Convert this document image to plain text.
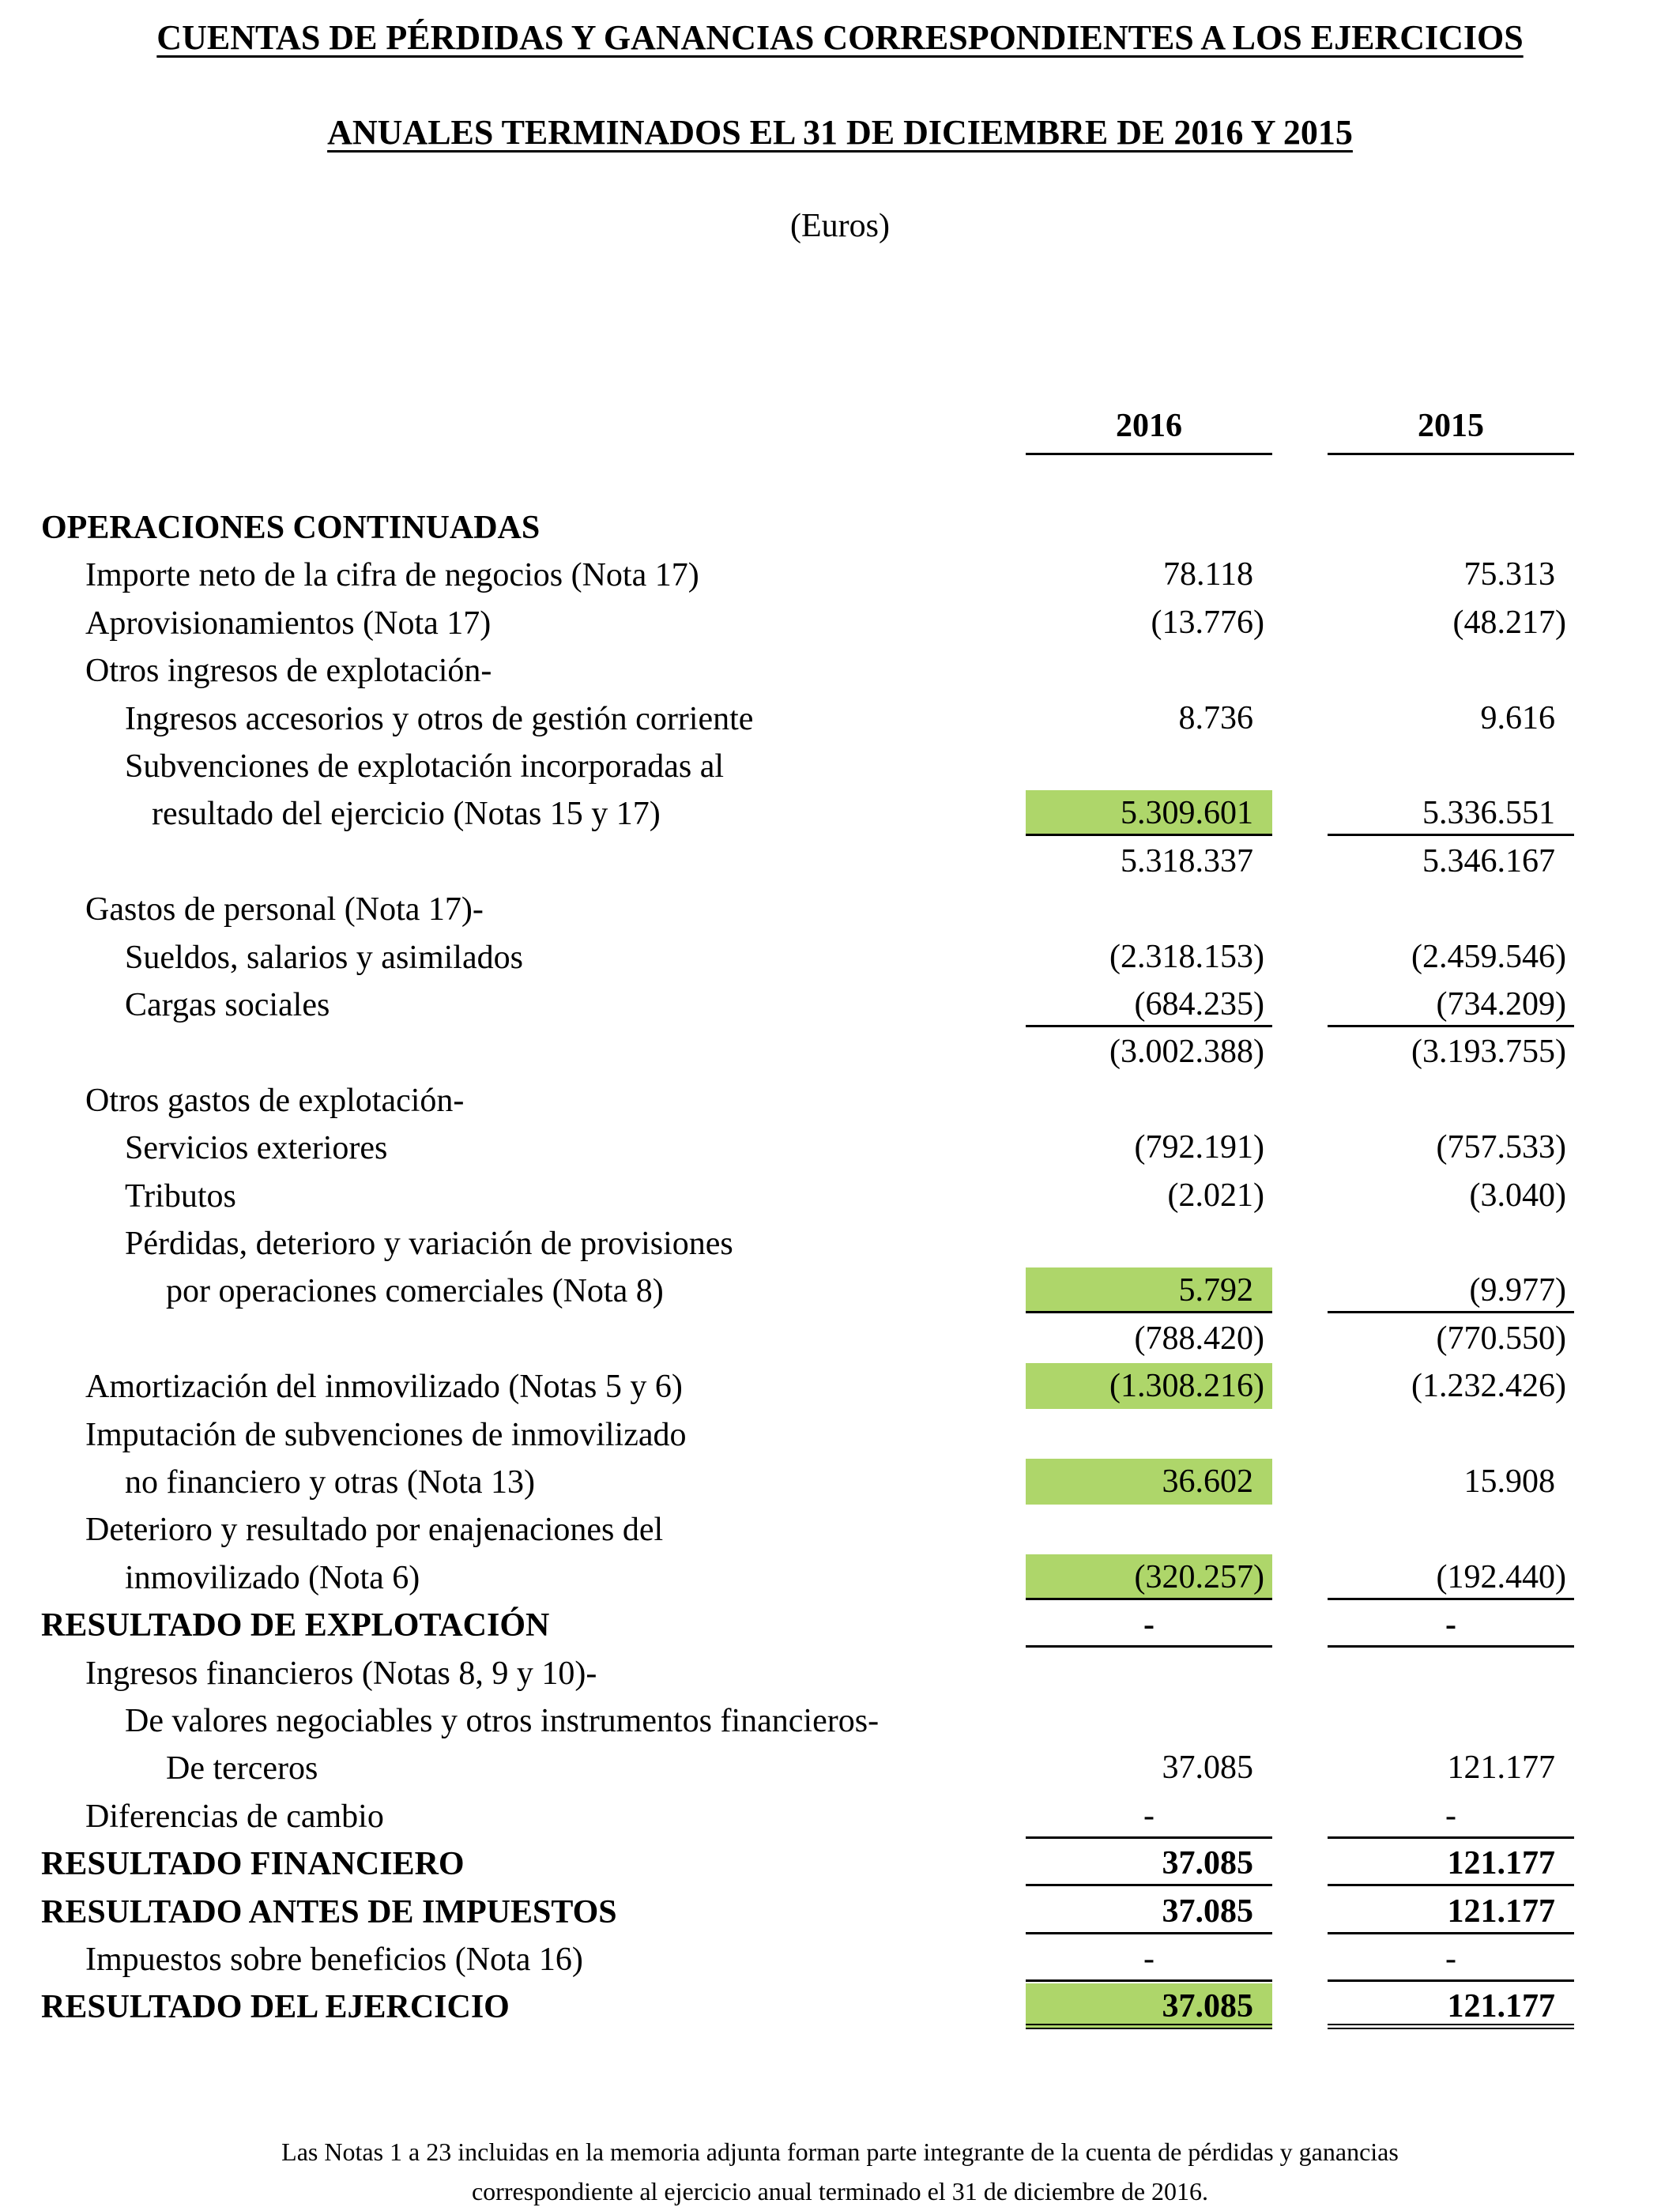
CUENTAS DE PÉRDIDAS Y GANANCIAS CORRESPONDIENTES A LOS EJERCICIOS
ANUALES TERMINADOS EL 31 DE DICIEMBRE DE 2016 Y 2015
(Euros)
2016	2015
OPERACIONES CONTINUADAS
Importe neto de la cifra de negocios (Nota 17)	78.118	75.313
Aprovisionamientos (Nota 17)	(13.776)	(48.217)
Otros ingresos de explotación-
Ingresos accesorios y otros de gestión corriente	8.736	9.616
Subvenciones de explotación incorporadas al
resultado del ejercicio (Notas 15 y 17)	5.309.601	5.336.551
5.318.337	5.346.167
Gastos de personal (Nota 17)-
Sueldos, salarios y asimilados	(2.318.153)	(2.459.546)
Cargas sociales	(684.235)	(734.209)
(3.002.388)	(3.193.755)
Otros gastos de explotación-
Servicios exteriores	(792.191)	(757.533)
Tributos	(2.021)	(3.040)
Pérdidas, deterioro y variación de provisiones
por operaciones comerciales (Nota 8)	5.792	(9.977)
(788.420)	(770.550)
Amortización del inmovilizado (Notas 5 y 6)	(1.308.216)	(1.232.426)
Imputación de subvenciones de inmovilizado
no financiero y otras (Nota 13)	36.602	15.908
Deterioro y resultado por enajenaciones del
inmovilizado (Nota 6)	(320.257)	(192.440)
RESULTADO DE EXPLOTACIÓN	-	-
Ingresos financieros (Notas 8, 9 y 10)-
De valores negociables y otros instrumentos financieros-
De terceros	37.085	121.177
Diferencias de cambio	-	-
RESULTADO FINANCIERO	37.085	121.177
RESULTADO ANTES DE IMPUESTOS	37.085	121.177
Impuestos sobre beneficios (Nota 16)	-	-
RESULTADO DEL EJERCICIO	37.085	121.177
Las Notas 1 a 23 incluidas en la memoria adjunta forman parte integrante de la cuenta de pérdidas y ganancias
correspondiente al ejercicio anual terminado el 31 de diciembre de 2016.
